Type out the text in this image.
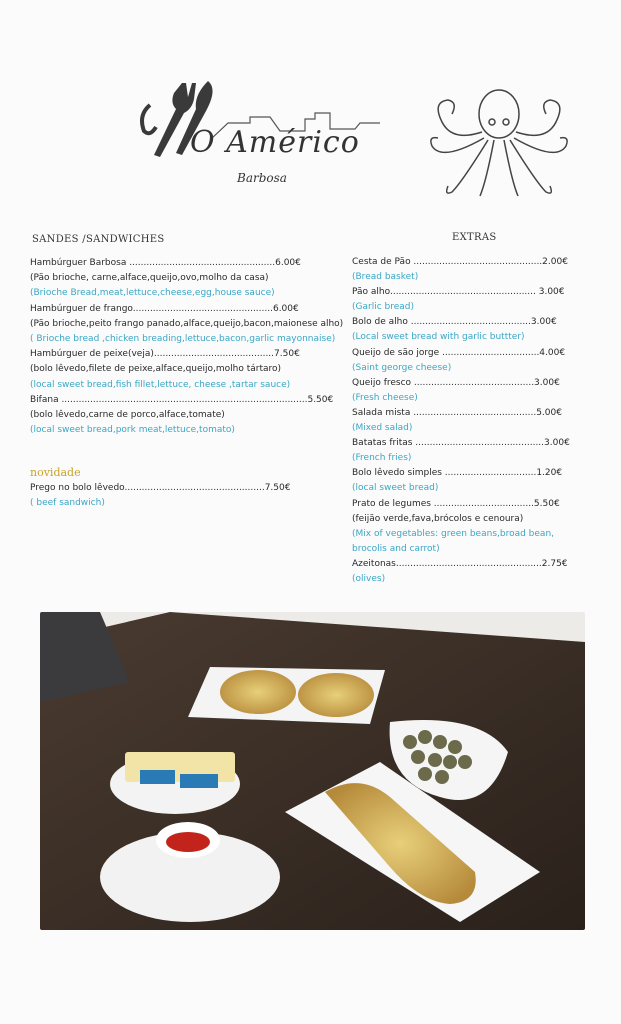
O Américo
Barbosa
SANDES /SANDWICHES
Hambúrguer Barbosa ...................................................6.00€
(Pão brioche, carne,alface,queijo,ovo,molho da casa)
(Brioche Bread,meat,lettuce,cheese,egg,house sauce)
Hambúrguer de frango.................................................6.00€
(Pão brioche,peito frango panado,alface,queijo,bacon,maionese alho)
( Brioche bread ,chicken breading,lettuce,bacon,garlic mayonnaise)
Hambúrguer de peixe(veja)..........................................7.50€
(bolo lêvedo,filete de peixe,alface,queijo,molho tártaro)
(local sweet bread,fish fillet,lettuce, cheese ,tartar sauce)
Bifana ......................................................................................5.50€
(bolo lêvedo,carne de porco,alface,tomate)
(local sweet bread,pork meat,lettuce,tomato)
novidade
Prego no bolo lêvedo.................................................7.50€
( beef sandwich)
EXTRAS
Cesta de Pão .............................................2.00€
(Bread basket)
Pão alho................................................... 3.00€
(Garlic bread)
Bolo de alho ..........................................3.00€
(Local sweet bread with garlic buttter)
Queijo de são jorge ..................................4.00€
(Saint george cheese)
Queijo fresco ..........................................3.00€
(Fresh cheese)
Salada mista ...........................................5.00€
(Mixed salad)
Batatas fritas .............................................3.00€
(French fries)
Bolo lêvedo simples ................................1.20€
(local sweet bread)
Prato de legumes ...................................5.50€
(feijão verde,fava,brócolos e cenoura)
(Mix of vegetables: green beans,broad bean,
brocolis and carrot)
Azeitonas...................................................2.75€
(olives)
